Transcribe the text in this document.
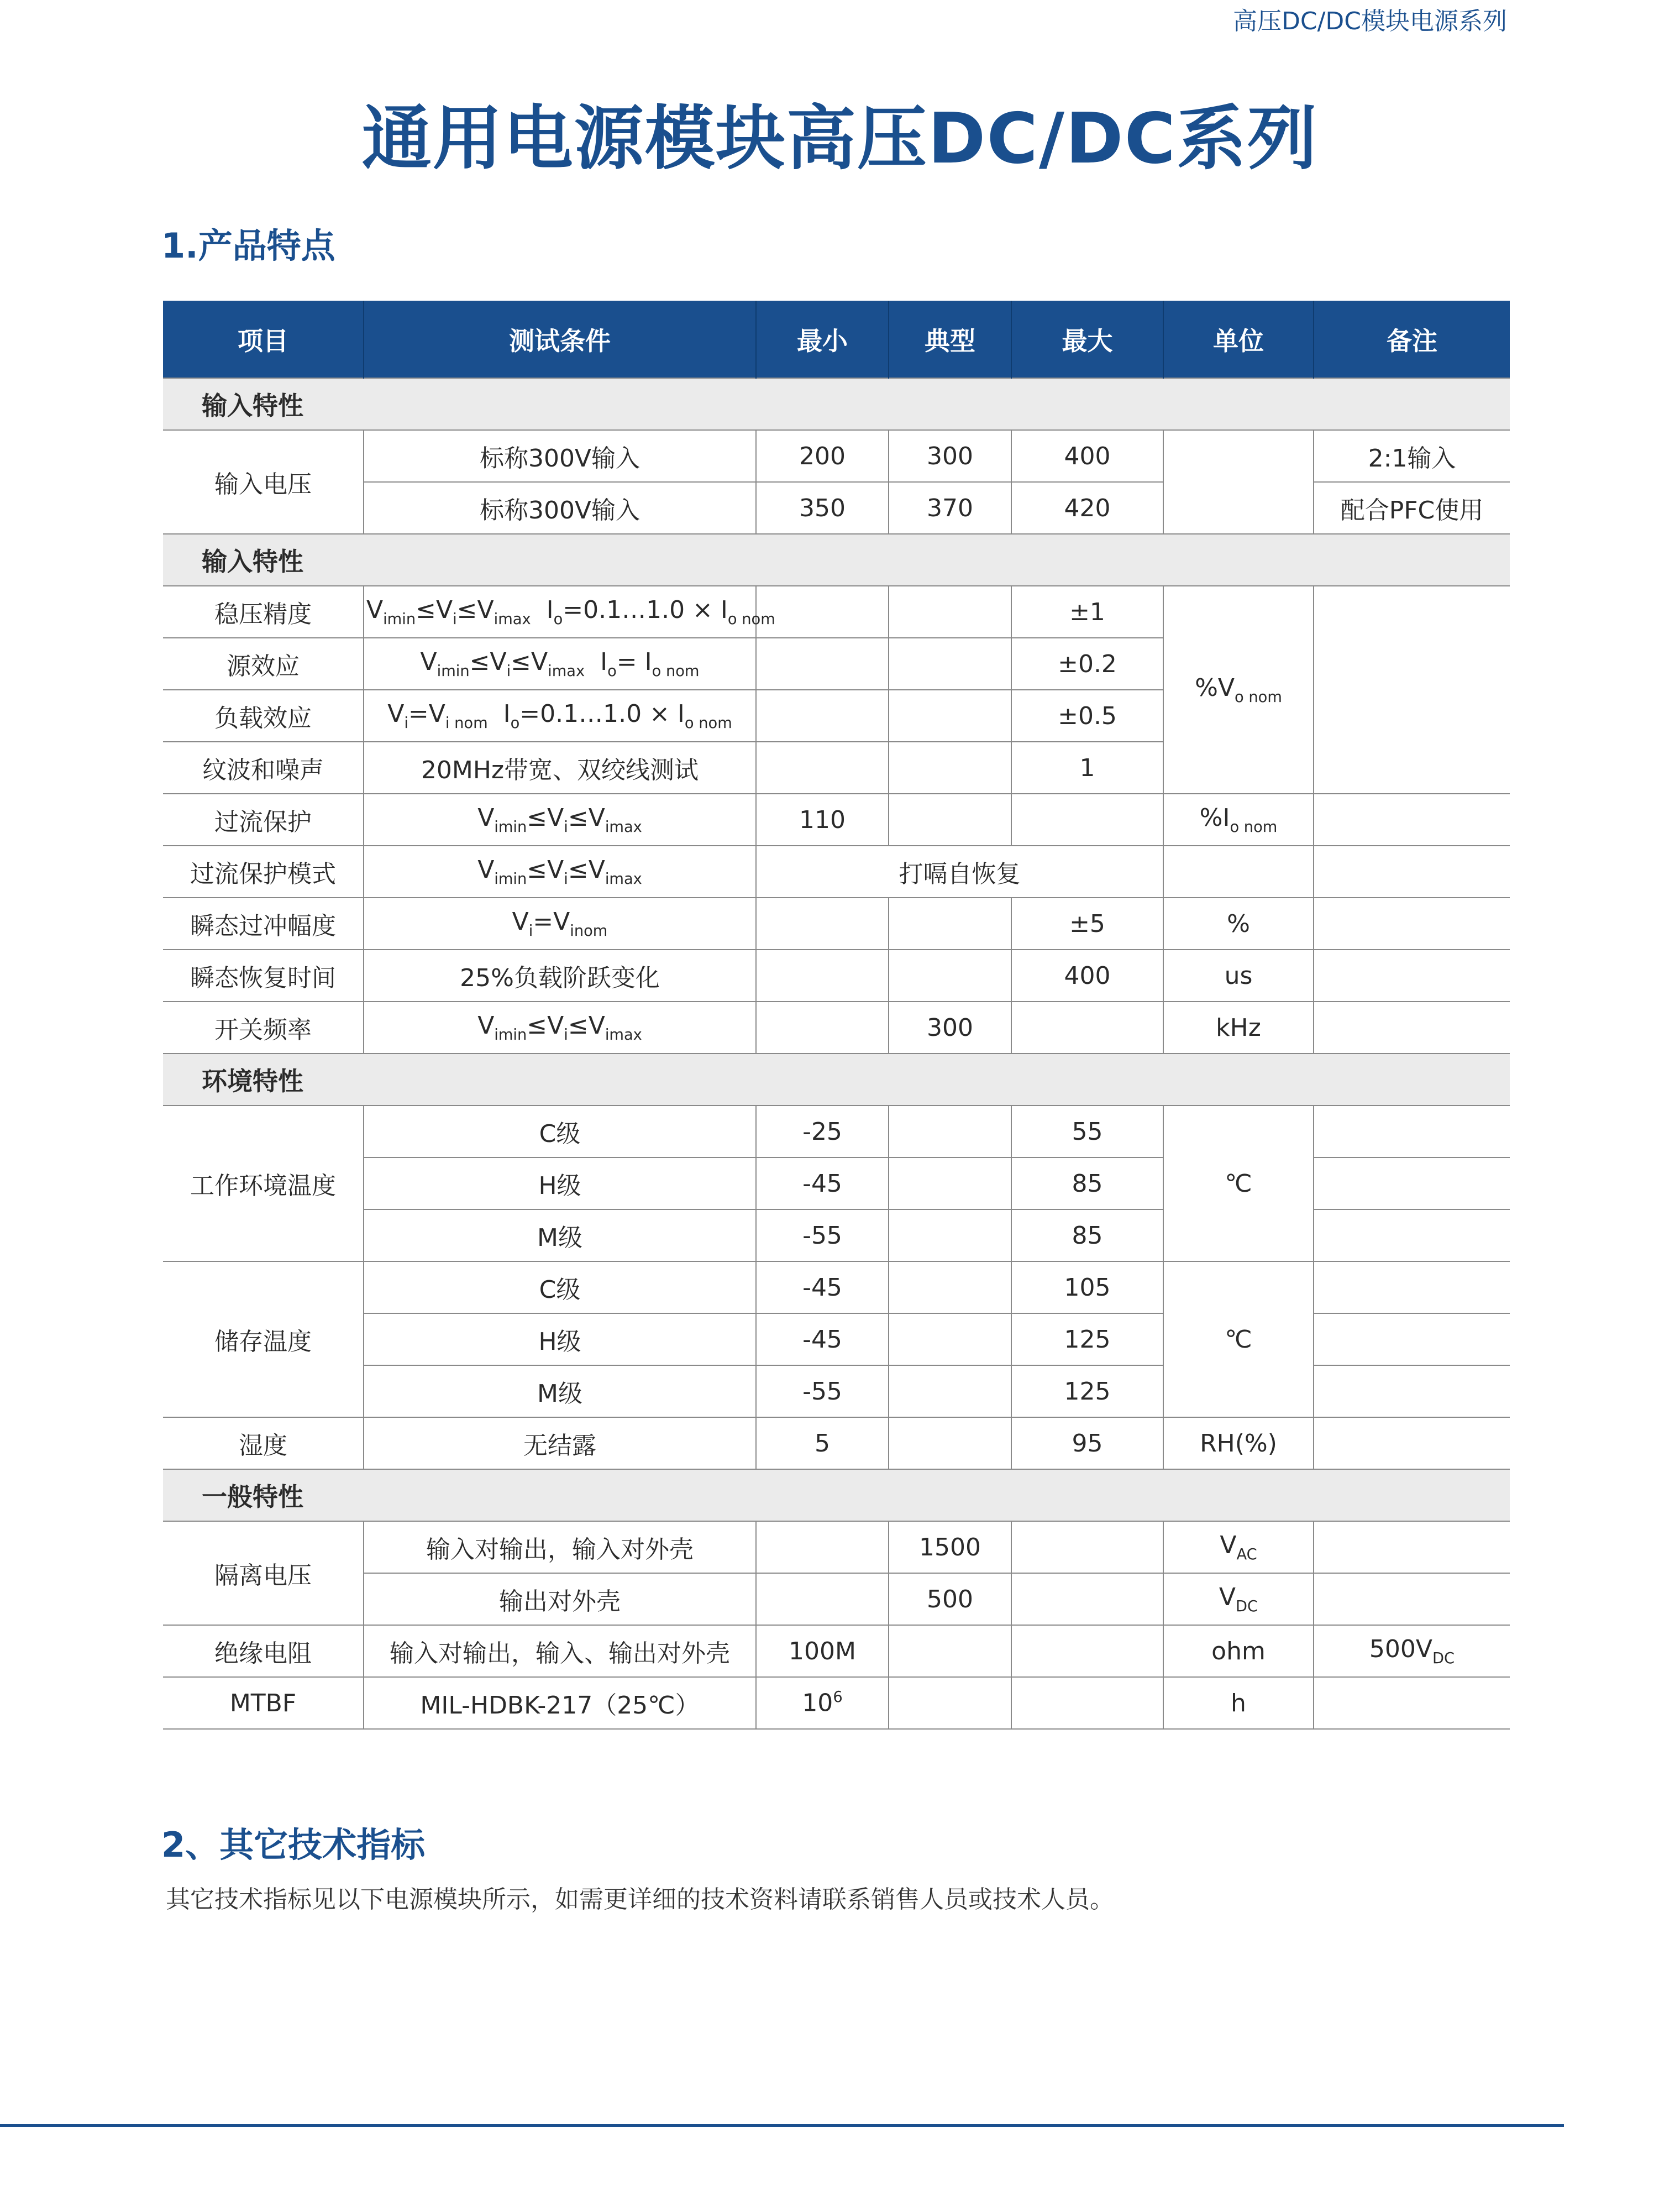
高压DC/DC模块电源系列
通用电源模块高压DC/DC系列
1.产品特点
项目	测试条件	最小	典型	最大	单位	备注
输入特性						
输入电压	标称300V输入	200	300	400		2:1输入
	标称300V输入	350	370	420		配合PFC使用
输入特性						
稳压精度	$V_{imin}\le V_i\le V_{imax}$  $I_o=0.1\dots 1.0 \times I_{o nom}$			±1	$\%V_{o nom}$	
源效应	$V_{imin}\le V_i\le V_{imax}$  $I_o= I_{o nom}$			±0.2		
负载效应	$V_i=V_{i nom}$  $I_o=0.1\dots 1.0 \times I_{o nom}$			±0.5		
纹波和噪声	20MHz带宽、双绞线测试			1		
过流保护	$V_{imin}\le V_i\le V_{imax}$	110			$\%I_{o nom}$	
过流保护模式	$V_{imin}\le V_i\le V_{imax}$	打嗝自恢复				
瞬态过冲幅度	$V_i=V_{inom}$			±5	%	
瞬态恢复时间	25%负载阶跃变化			400	us	
开关频率	$V_{imin}\le V_i\le V_{imax}$		300		kHz	
环境特性						
工作环境温度	C级	-25		55	℃	
	H级	-45		85		
	M级	-55		85		
储存温度	C级	-45		105	℃	
	H级	-45		125		
	M级	-55		125		
湿度	无结露	5		95	RH(%)	
一般特性						
隔离电压	输入对输出，输入对外壳		1500		$V_{AC}$	
	输出对外壳		500		$V_{DC}$	
绝缘电阻	输入对输出，输入、输出对外壳	100M			ohm	$500V_{DC}$
MTBF	MIL-HDBK-217（25℃）	$10^6$			h	
2、其它技术指标
其它技术指标见以下电源模块所示，如需更详细的技术资料请联系销售人员或技术人员。
